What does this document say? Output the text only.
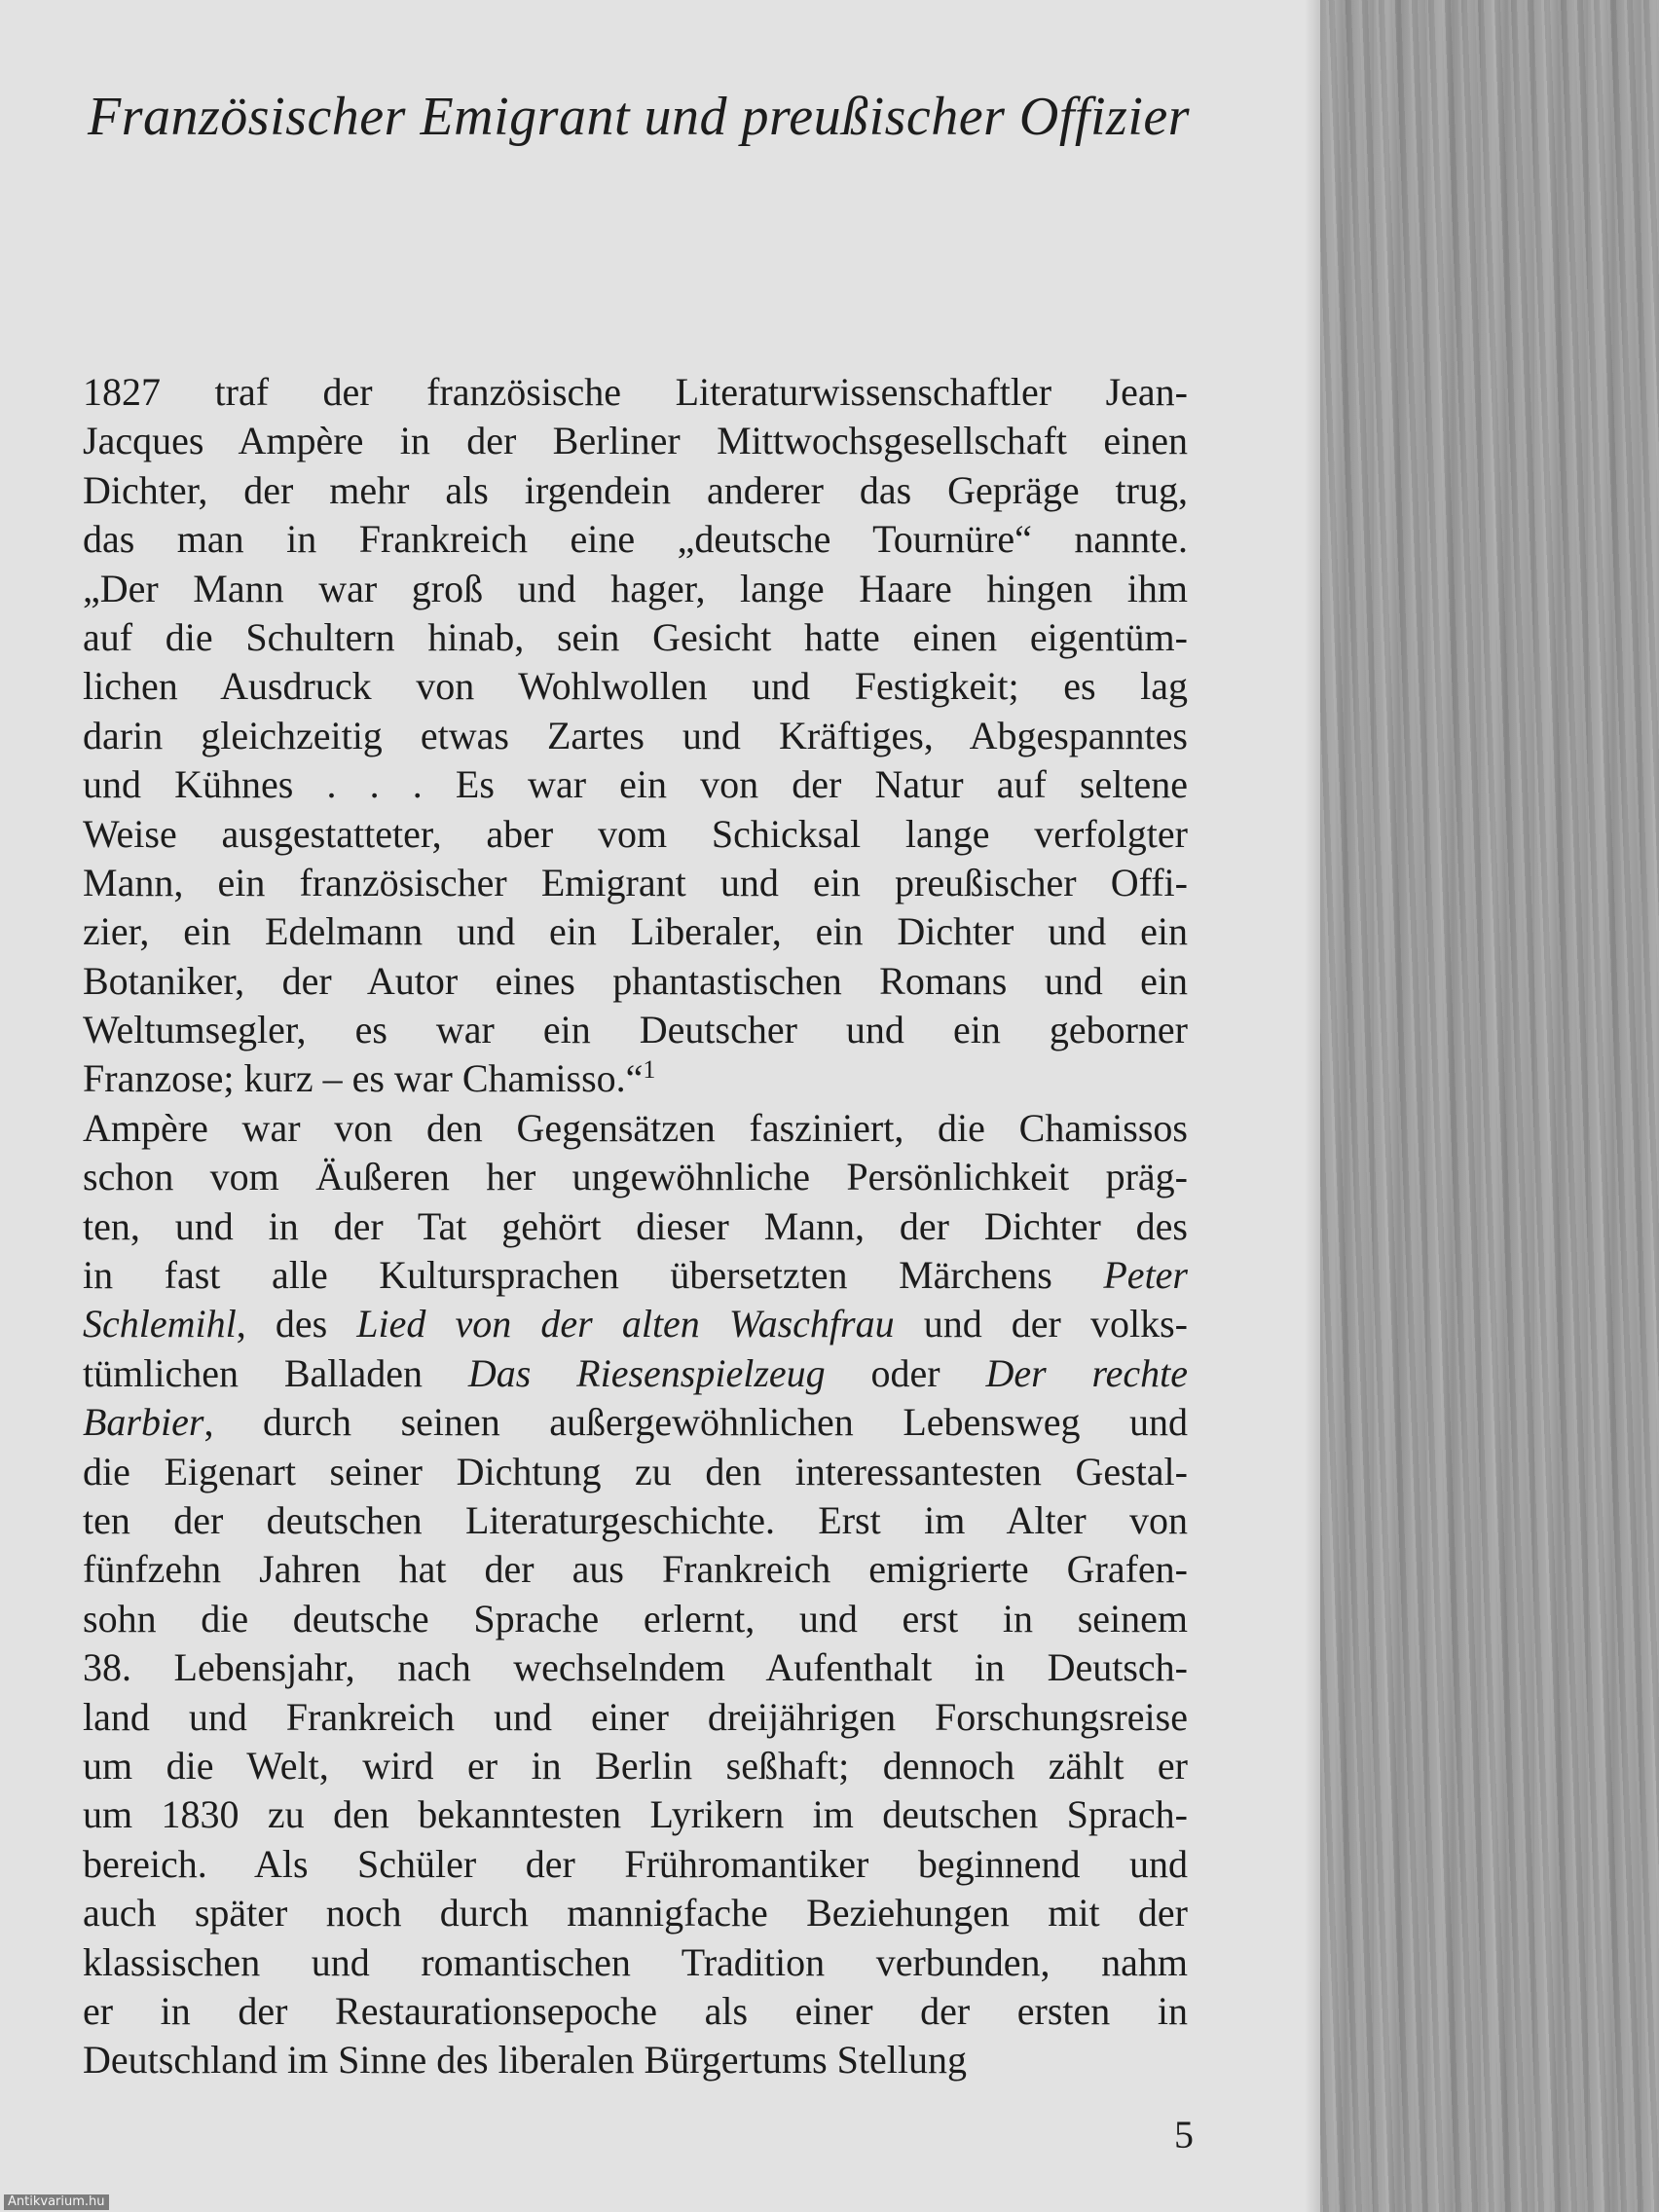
Französischer Emigrant und preußischer Offizier
1827 traf der französische Literaturwissenschaftler Jean-
Jacques Ampère in der Berliner Mittwochsgesellschaft einen
Dichter, der mehr als irgendein anderer das Gepräge trug,
das man in Frankreich eine „deutsche Tournüre“ nannte.
„Der Mann war groß und hager, lange Haare hingen ihm
auf die Schultern hinab, sein Gesicht hatte einen eigentüm-
lichen Ausdruck von Wohlwollen und Festigkeit; es lag
darin gleichzeitig etwas Zartes und Kräftiges, Abgespanntes
und Kühnes . . . Es war ein von der Natur auf seltene
Weise ausgestatteter, aber vom Schicksal lange verfolgter
Mann, ein französischer Emigrant und ein preußischer Offi-
zier, ein Edelmann und ein Liberaler, ein Dichter und ein
Botaniker, der Autor eines phantastischen Romans und ein
Weltumsegler, es war ein Deutscher und ein geborner
Franzose; kurz – es war Chamisso.“$^1$
Ampère war von den Gegensätzen fasziniert, die Chamissos
schon vom Äußeren her ungewöhnliche Persönlichkeit präg-
ten, und in der Tat gehört dieser Mann, der Dichter des
in fast alle Kultursprachen übersetzten Märchens Peter
Schlemihl, des Lied von der alten Waschfrau und der volks-
tümlichen Balladen Das Riesenspielzeug oder Der rechte
Barbier, durch seinen außergewöhnlichen Lebensweg und
die Eigenart seiner Dichtung zu den interessantesten Gestal-
ten der deutschen Literaturgeschichte. Erst im Alter von
fünfzehn Jahren hat der aus Frankreich emigrierte Grafen-
sohn die deutsche Sprache erlernt, und erst in seinem
38. Lebensjahr, nach wechselndem Aufenthalt in Deutsch-
land und Frankreich und einer dreijährigen Forschungsreise
um die Welt, wird er in Berlin seßhaft; dennoch zählt er
um 1830 zu den bekanntesten Lyrikern im deutschen Sprach-
bereich. Als Schüler der Frühromantiker beginnend und
auch später noch durch mannigfache Beziehungen mit der
klassischen und romantischen Tradition verbunden, nahm
er in der Restaurationsepoche als einer der ersten in
Deutschland im Sinne des liberalen Bürgertums Stellung
5
Antikvarium.hu
